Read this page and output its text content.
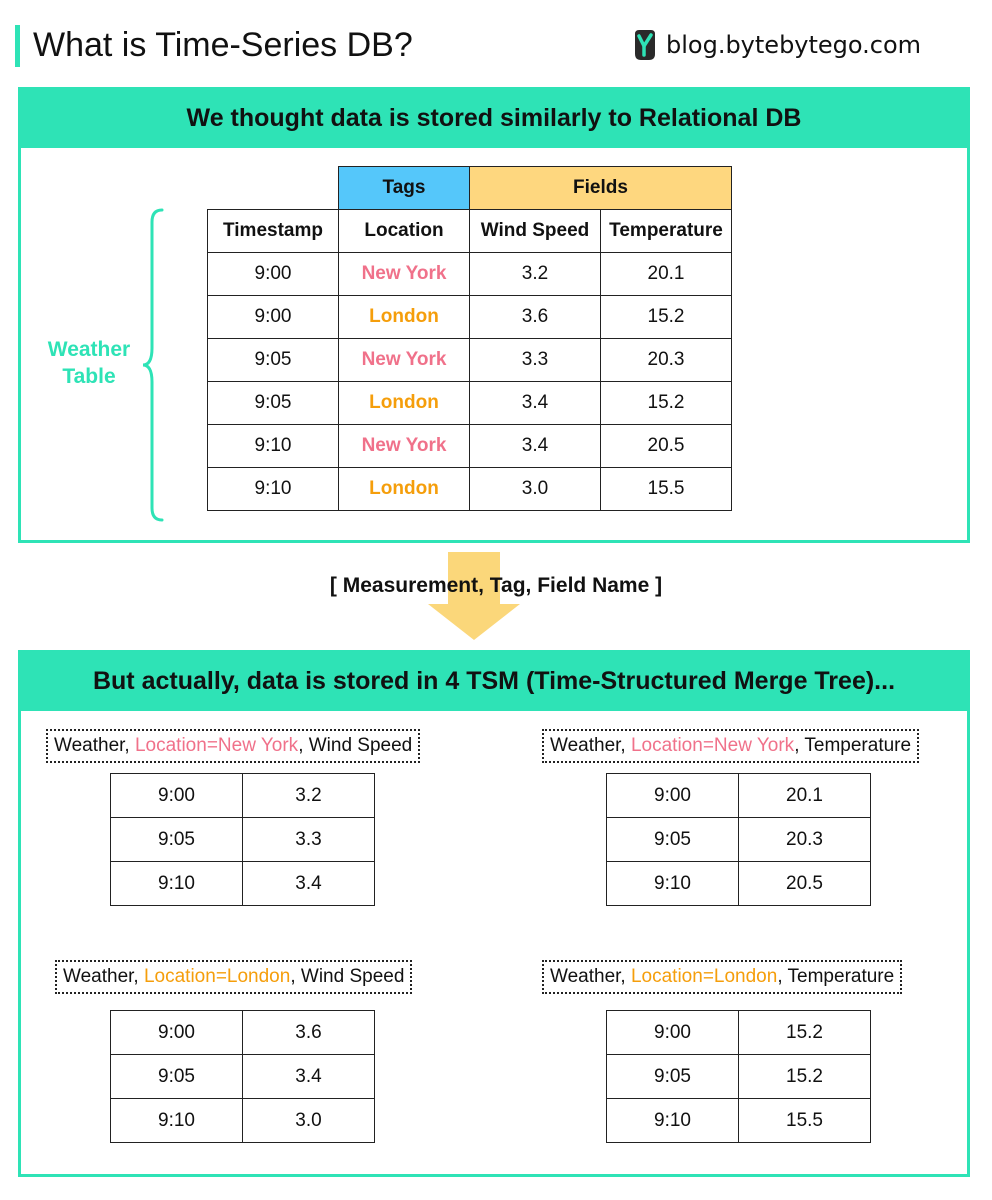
What is Time-Series DB?	blog.bytebytego.com
We thought data is stored similarly to Relational DB
	Tags	Fields	
Timestamp	Location	Wind Speed	Temperature
9:00	New York	3.2	20.1
9:00	London	3.6	15.2
9:05	New York	3.3	20.3
9:05	London	3.4	15.2
9:10	New York	3.4	20.5
9:10	London	3.0	15.5
Weather Table
[ Measurement, Tag, Field Name ]
But actually, data is stored in 4 TSM (Time-Structured Merge Tree)...
Weather, Location=New York, Wind Speed
9:00	3.2
9:05	3.3
9:10	3.4
Weather, Location=New York, Temperature
9:00	20.1
9:05	20.3
9:10	20.5
Weather, Location=London, Wind Speed
9:00	3.6
9:05	3.4
9:10	3.0
Weather, Location=London, Temperature
9:00	15.2
9:05	15.2
9:10	15.5
